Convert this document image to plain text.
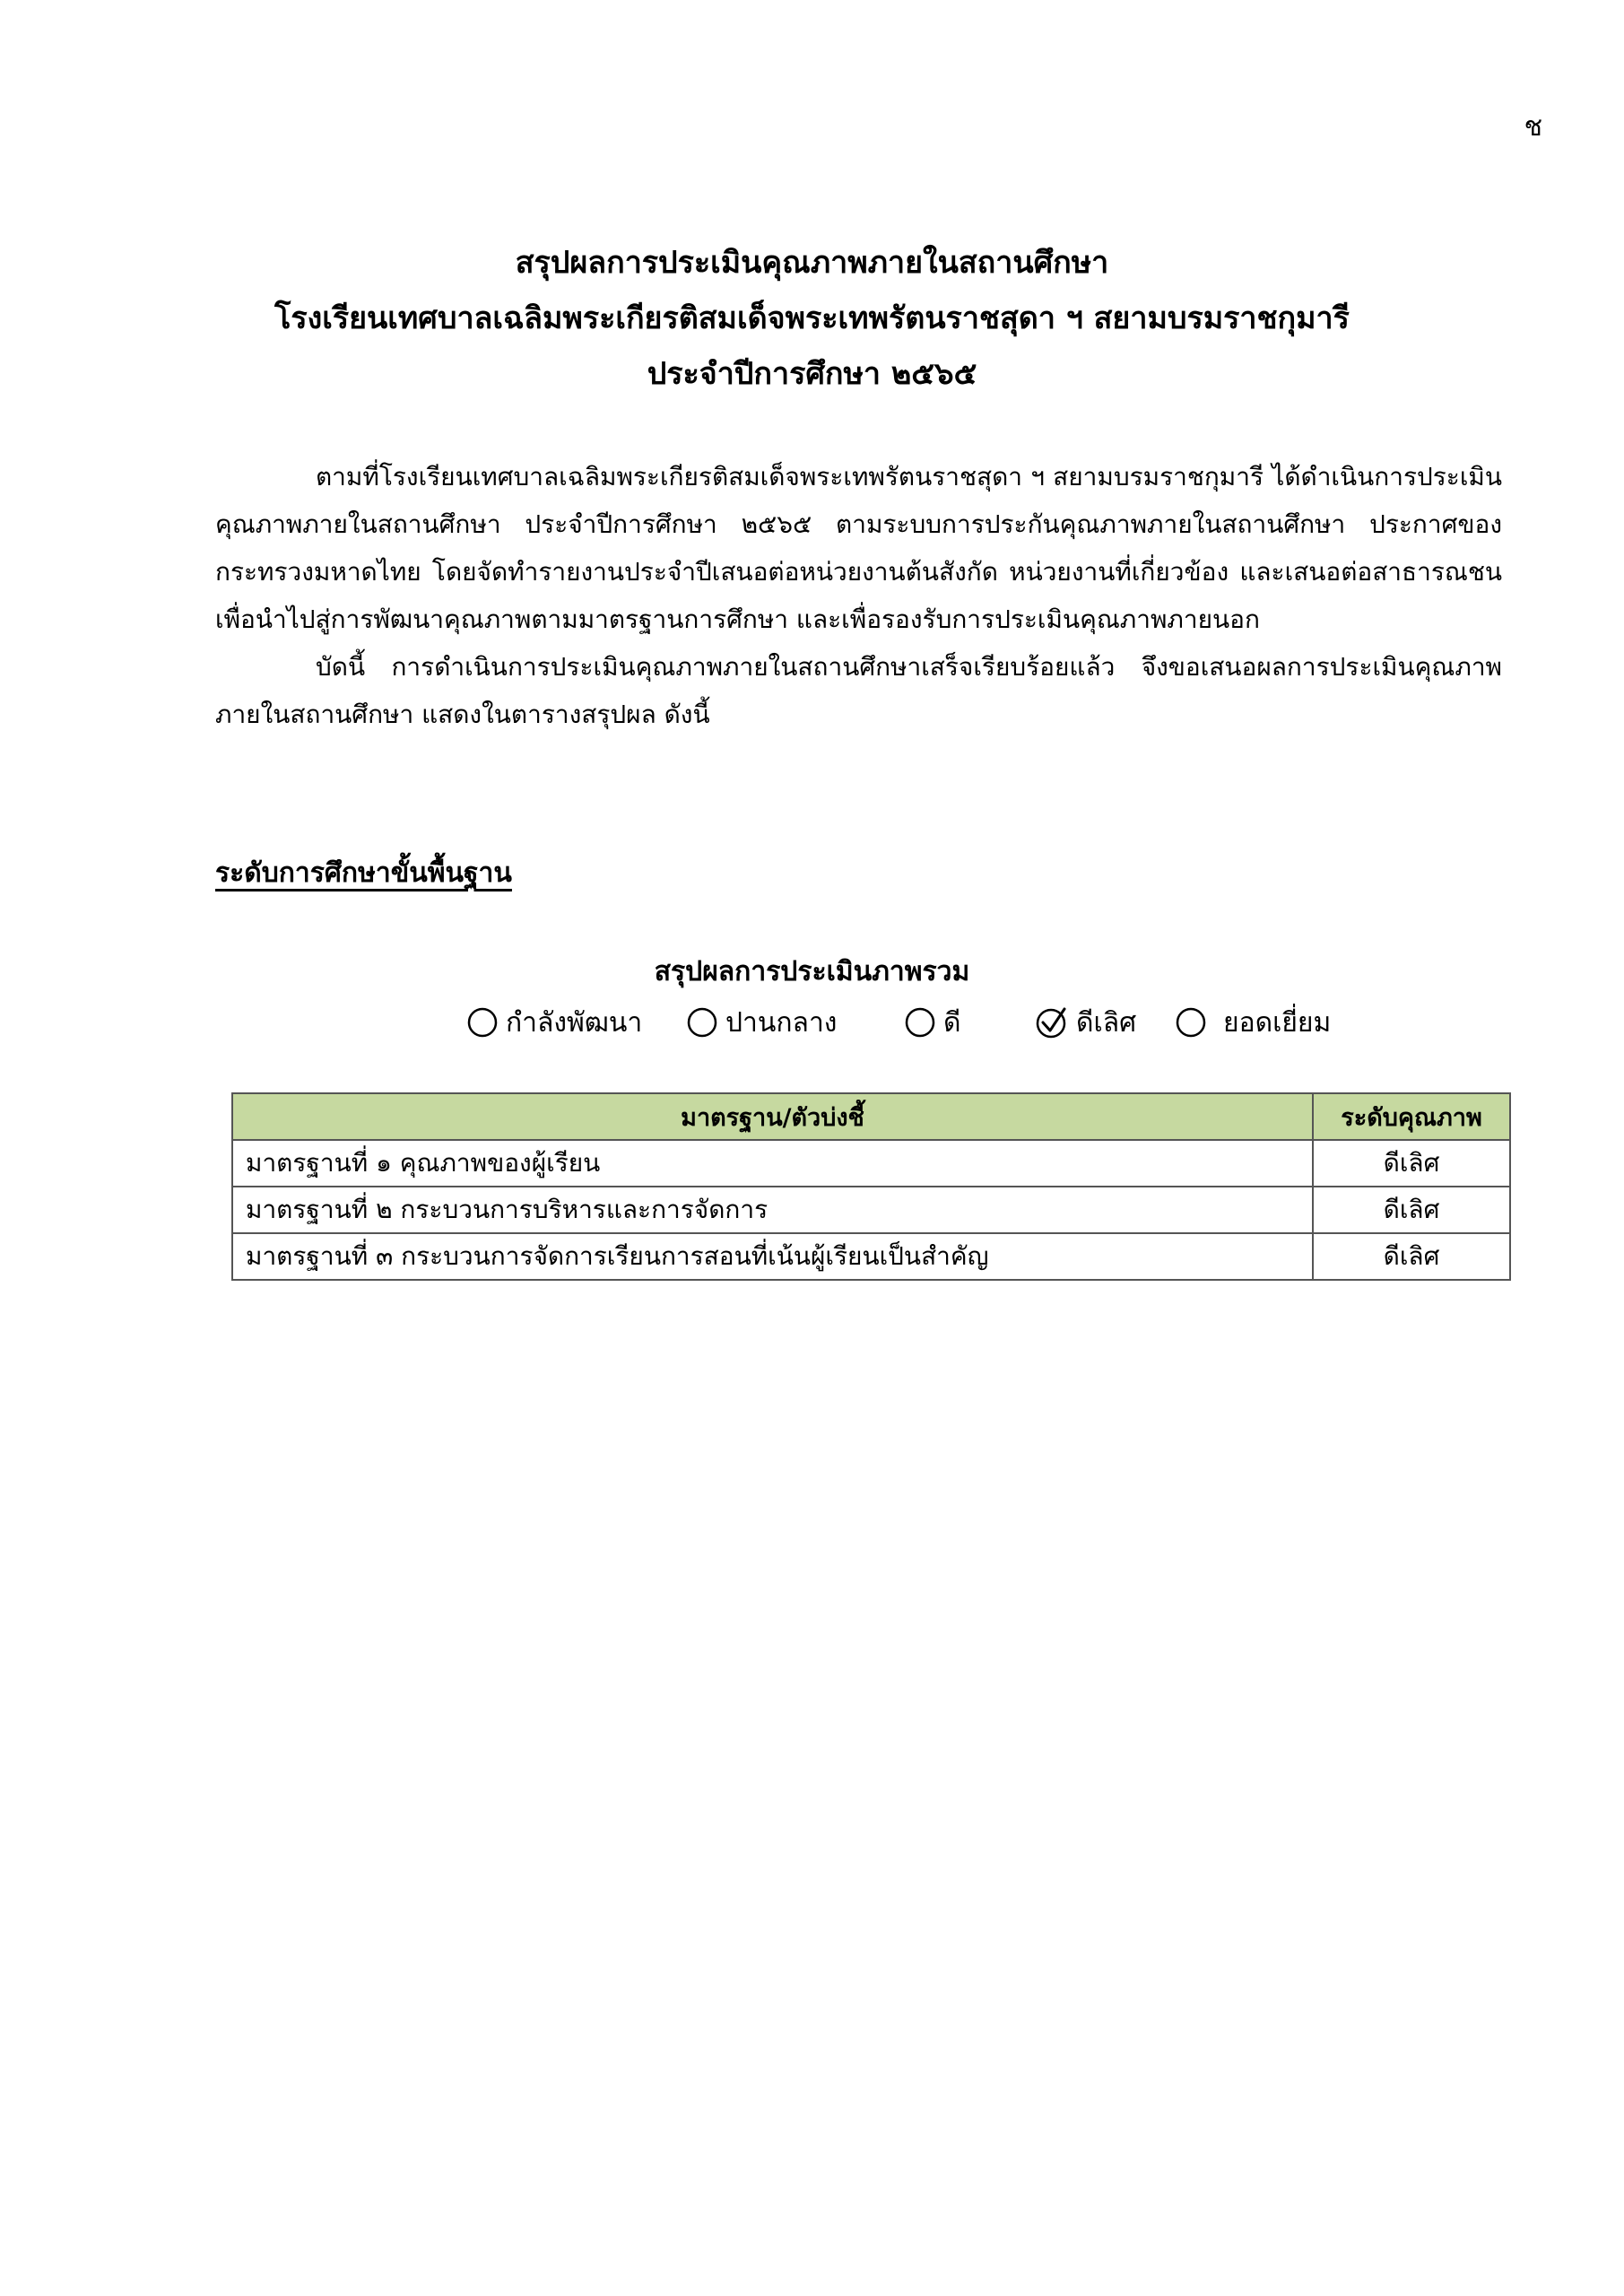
ช
สรุปผลการประเมินคุณภาพภายในสถานศึกษา
โรงเรียนเทศบาลเฉลิมพระเกียรติสมเด็จพระเทพรัตนราชสุดา ฯ สยามบรมราชกุมารี
ประจำปีการศึกษา ๒๕๖๕

ตามที่โรงเรียนเทศบาลเฉลิมพระเกียรติสมเด็จพระเทพรัตนราชสุดา ฯ สยามบรมราชกุมารี ได้ดำเนินการประเมินคุณภาพภายในสถานศึกษา ประจำปีการศึกษา ๒๕๖๕ ตามระบบการประกันคุณภาพภายในสถานศึกษา ประกาศของกระทรวงมหาดไทย โดยจัดทำรายงานประจำปีเสนอต่อหน่วยงานต้นสังกัด หน่วยงานที่เกี่ยวข้อง และเสนอต่อสาธารณชน เพื่อนำไปสู่การพัฒนาคุณภาพตามมาตรฐานการศึกษา และเพื่อรองรับการประเมินคุณภาพภายนอก

บัดนี้ การดำเนินการประเมินคุณภาพภายในสถานศึกษาเสร็จเรียบร้อยแล้ว จึงขอเสนอผลการประเมินคุณภาพภายในสถานศึกษา แสดงในตารางสรุปผล ดังนี้

ระดับการศึกษาขั้นพื้นฐาน
สรุปผลการประเมินภาพรวม
กำลังพัฒนา	ปานกลาง	ดี	ดีเลิศ	ยอดเยี่ยม
มาตรฐาน/ตัวบ่งชี้	ระดับคุณภาพ
มาตรฐานที่ ๑ คุณภาพของผู้เรียน	ดีเลิศ
มาตรฐานที่ ๒ กระบวนการบริหารและการจัดการ	ดีเลิศ
มาตรฐานที่ ๓ กระบวนการจัดการเรียนการสอนที่เน้นผู้เรียนเป็นสำคัญ	ดีเลิศ
